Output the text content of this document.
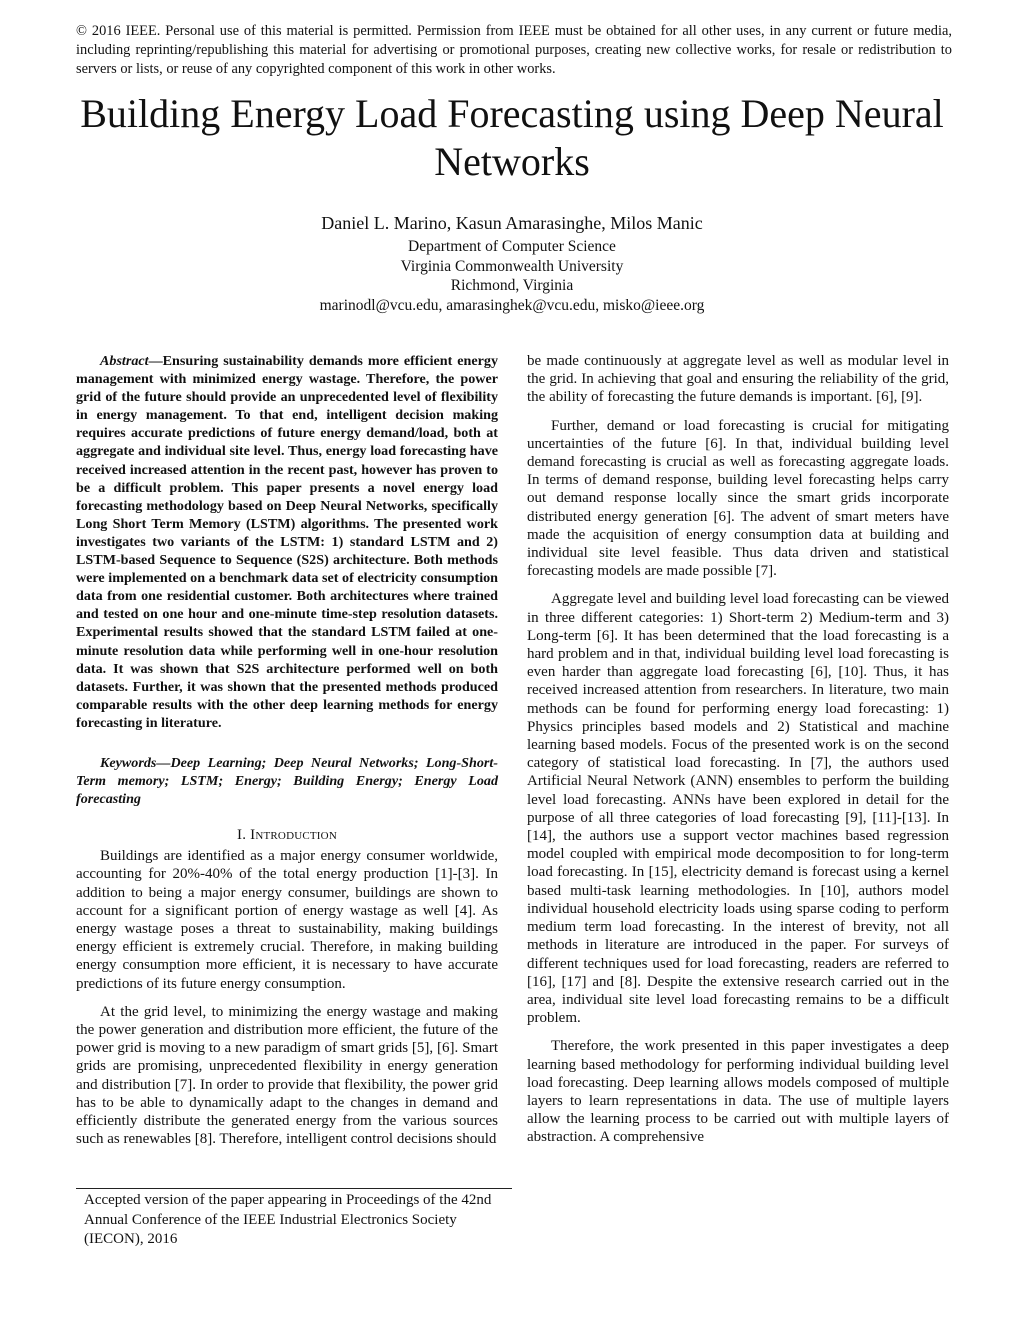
© 2016 IEEE. Personal use of this material is permitted. Permission from IEEE must be obtained for all other uses, in any current or future media, including reprinting/republishing this material for advertising or promotional purposes, creating new collective works, for resale or redistribution to servers or lists, or reuse of any copyrighted component of this work in other works.
Building Energy Load Forecasting using Deep Neural Networks
Daniel L. Marino, Kasun Amarasinghe, Milos Manic
Department of Computer Science
Virginia Commonwealth University
Richmond, Virginia
marinodl@vcu.edu, amarasinghek@vcu.edu, misko@ieee.org

Abstract—Ensuring sustainability demands more efficient energy management with minimized energy wastage. Therefore, the power grid of the future should provide an unprecedented level of flexibility in energy management. To that end, intelligent decision making requires accurate predictions of future energy demand/load, both at aggregate and individual site level. Thus, energy load forecasting have received increased attention in the recent past, however has proven to be a difficult problem. This paper presents a novel energy load forecasting methodology based on Deep Neural Networks, specifically Long Short Term Memory (LSTM) algorithms. The presented work investigates two variants of the LSTM: 1) standard LSTM and 2) LSTM-based Sequence to Sequence (S2S) architecture. Both methods were implemented on a benchmark data set of electricity consumption data from one residential customer. Both architectures where trained and tested on one hour and one-minute time-step resolution datasets. Experimental results showed that the standard LSTM failed at one-minute resolution data while performing well in one-hour resolution data. It was shown that S2S architecture performed well on both datasets. Further, it was shown that the presented methods produced comparable results with the other deep learning methods for energy forecasting in literature.

Keywords—Deep Learning; Deep Neural Networks; Long-Short-Term memory; LSTM; Energy; Building Energy; Energy Load forecasting

I. Introduction

Buildings are identified as a major energy consumer worldwide, accounting for 20%-40% of the total energy production [1]-[3]. In addition to being a major energy consumer, buildings are shown to account for a significant portion of energy wastage as well [4]. As energy wastage poses a threat to sustainability, making buildings energy efficient is extremely crucial. Therefore, in making building energy consumption more efficient, it is necessary to have accurate predictions of its future energy consumption.

At the grid level, to minimizing the energy wastage and making the power generation and distribution more efficient, the future of the power grid is moving to a new paradigm of smart grids [5], [6]. Smart grids are promising, unprecedented flexibility in energy generation and distribution [7]. In order to provide that flexibility, the power grid has to be able to dynamically adapt to the changes in demand and efficiently distribute the generated energy from the various sources such as renewables [8]. Therefore, intelligent control decisions should

be made continuously at aggregate level as well as modular level in the grid. In achieving that goal and ensuring the reliability of the grid, the ability of forecasting the future demands is important. [6], [9].

Further, demand or load forecasting is crucial for mitigating uncertainties of the future [6]. In that, individual building level demand forecasting is crucial as well as forecasting aggregate loads. In terms of demand response, building level forecasting helps carry out demand response locally since the smart grids incorporate distributed energy generation [6]. The advent of smart meters have made the acquisition of energy consumption data at building and individual site level feasible. Thus data driven and statistical forecasting models are made possible [7].

Aggregate level and building level load forecasting can be viewed in three different categories: 1) Short-term 2) Medium-term and 3) Long-term [6]. It has been determined that the load forecasting is a hard problem and in that, individual building level load forecasting is even harder than aggregate load forecasting [6], [10]. Thus, it has received increased attention from researchers. In literature, two main methods can be found for performing energy load forecasting: 1) Physics principles based models and 2) Statistical and machine learning based models. Focus of the presented work is on the second category of statistical load forecasting. In [7], the authors used Artificial Neural Network (ANN) ensembles to perform the building level load forecasting. ANNs have been explored in detail for the purpose of all three categories of load forecasting [9], [11]-[13]. In [14], the authors use a support vector machines based regression model coupled with empirical mode decomposition to for long-term load forecasting. In [15], electricity demand is forecast using a kernel based multi-task learning methodologies. In [10], authors model individual household electricity loads using sparse coding to perform medium term load forecasting. In the interest of brevity, not all methods in literature are introduced in the paper. For surveys of different techniques used for load forecasting, readers are referred to [16], [17] and [8]. Despite the extensive research carried out in the area, individual site level load forecasting remains to be a difficult problem.

Therefore, the work presented in this paper investigates a deep learning based methodology for performing individual building level load forecasting. Deep learning allows models composed of multiple layers to learn representations in data. The use of multiple layers allow the learning process to be carried out with multiple layers of abstraction. A comprehensive

Accepted version of the paper appearing in Proceedings of the 42nd Annual Conference of the IEEE Industrial Electronics Society (IECON), 2016
